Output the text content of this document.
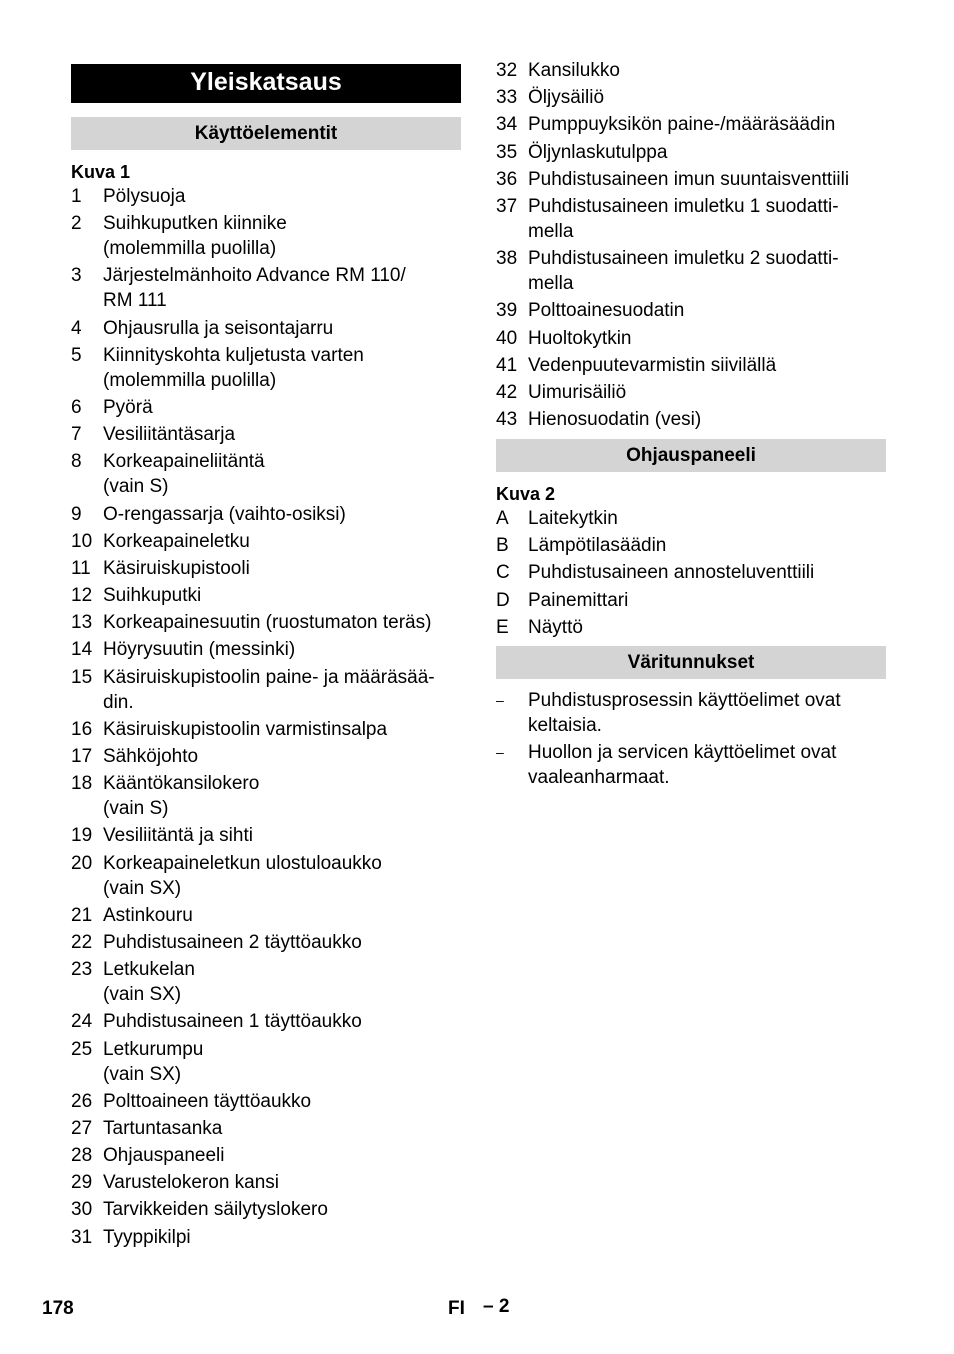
Yleiskatsaus
Käyttöelementit
Kuva 1
1	Pölysuoja
2	Suihkuputken kiinnike
(molemmilla puolilla)
3	Järjestelmänhoito Advance RM 110/
RM 111
4	Ohjausrulla ja seisontajarru
5	Kiinnityskohta kuljetusta varten
(molemmilla puolilla)
6	Pyörä
7	Vesiliitäntäsarja
8	Korkeapaineliitäntä
(vain S)
9	O-rengassarja (vaihto-osiksi)
10 Korkeapaineletku
11 Käsiruiskupistooli
12 Suihkuputki
13 Korkeapainesuutin (ruostumaton teräs)
14 Höyrysuutin (messinki)
15 Käsiruiskupistoolin paine- ja määräsää-
din.
16 Käsiruiskupistoolin varmistinsalpa
17 Sähköjohto
18 Kääntökansilokero
(vain S)
19 Vesiliitäntä ja sihti
20 Korkeapaineletkun ulostuloaukko
(vain SX)
21 Astinkouru
22 Puhdistusaineen 2 täyttöaukko
23 Letkukelan
(vain SX)
24 Puhdistusaineen 1 täyttöaukko
25 Letkurumpu
(vain SX)
26 Polttoaineen täyttöaukko
27 Tartuntasanka
28 Ohjauspaneeli
29 Varustelokeron kansi
30 Tarvikkeiden säilytyslokero
31 Tyyppikilpi
32 Kansilukko
33 Öljysäiliö
34 Pumppuyksikön paine-/määräsäädin
35 Öljynlaskutulppa
36 Puhdistusaineen imun suuntaisventtiili
37 Puhdistusaineen imuletku 1 suodatti-
mella
38 Puhdistusaineen imuletku 2 suodatti-
mella
39 Polttoainesuodatin
40 Huoltokytkin
41 Vedenpuutevarmistin siivilällä
42 Uimurisäiliö
43 Hienosuodatin (vesi)
Ohjauspaneeli
Kuva 2
A	Laitekytkin
B	Lämpötilasäädin
C Puhdistusaineen annosteluventtiili
D Painemittari
E	Näyttö
Väritunnukset
–	Puhdistusprosessin käyttöelimet ovat
keltaisia.
–	Huollon ja servicen käyttöelimet ovat
vaaleanharmaat.
178	FI – 2
